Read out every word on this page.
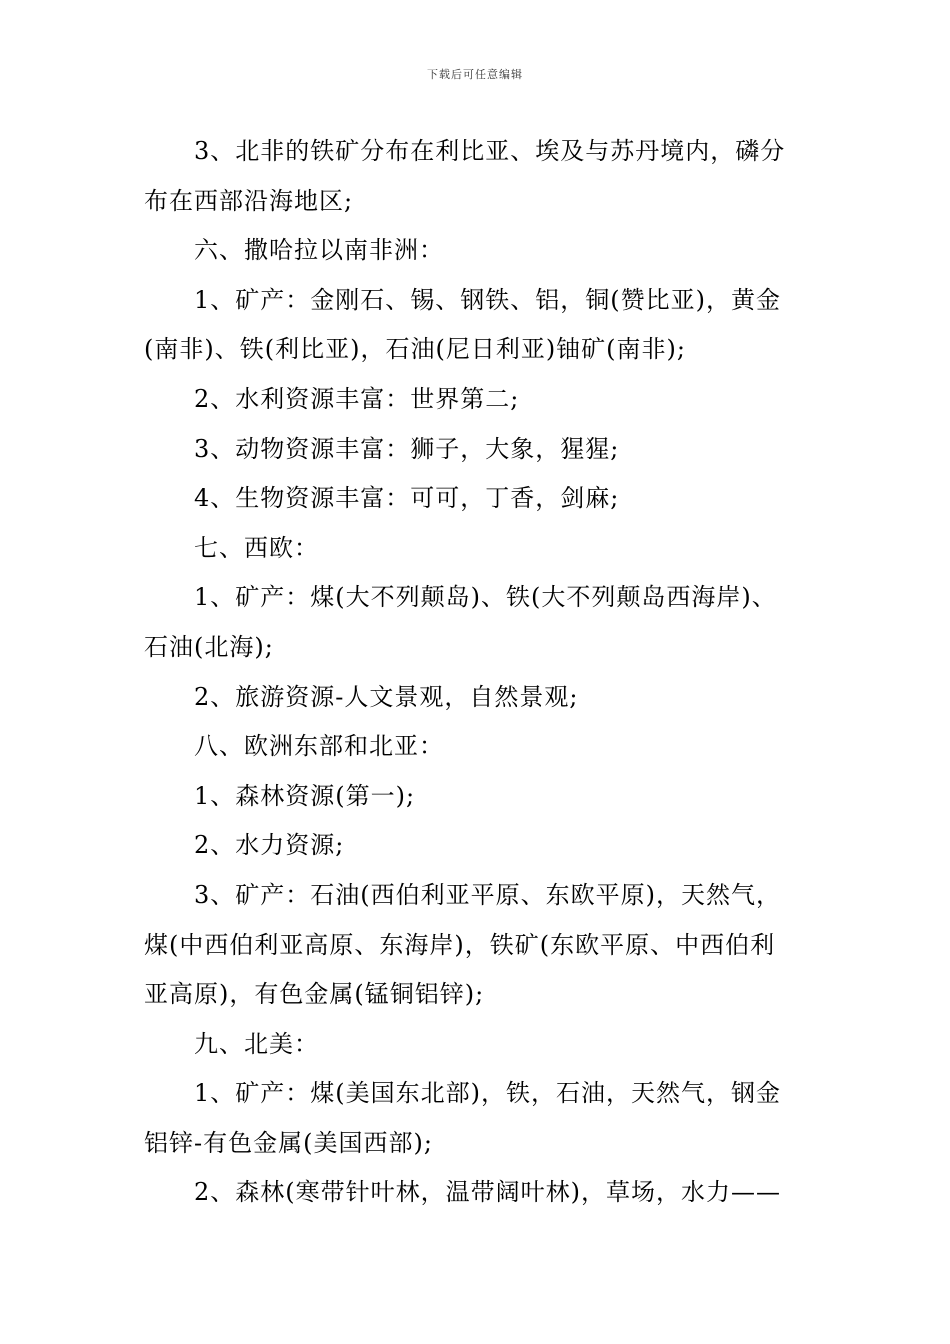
下载后可任意编辑

3、北非的铁矿分布在利比亚、埃及与苏丹境内，磷分

布在西部沿海地区;

六、撒哈拉以南非洲：

1、矿产：金刚石、锡、钢铁、铝，铜(赞比亚)，黄金

(南非)、铁(利比亚)，石油(尼日利亚)铀矿(南非);

2、水利资源丰富：世界第二;

3、动物资源丰富：狮子，大象，猩猩;

4、生物资源丰富：可可，丁香，剑麻;

七、西欧：

1、矿产：煤(大不列颠岛)、铁(大不列颠岛西海岸)、

石油(北海);

2、旅游资源-人文景观，自然景观;

八、欧洲东部和北亚：

1、森林资源(第一);

2、水力资源;

3、矿产：石油(西伯利亚平原、东欧平原)，天然气，

煤(中西伯利亚高原、东海岸)，铁矿(东欧平原、中西伯利

亚高原)，有色金属(锰铜铝锌);

九、北美：

1、矿产：煤(美国东北部)，铁，石油，天然气，钢金

铝锌-有色金属(美国西部);

2、森林(寒带针叶林，温带阔叶林)，草场，水力——
